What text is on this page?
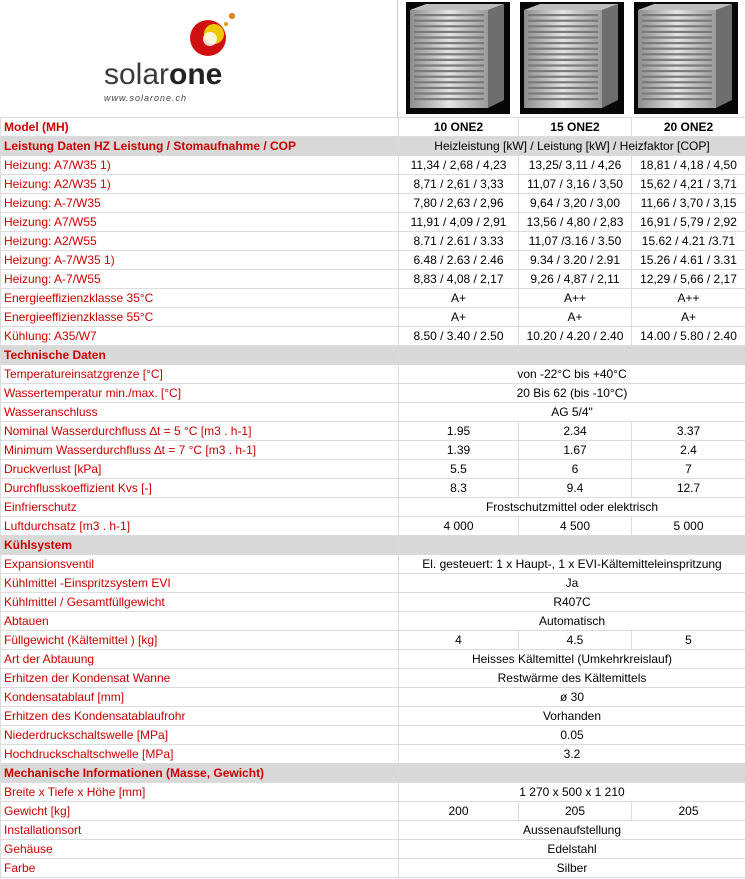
solarone
www.solarone.ch
Model (MH)	10 ONE2	15 ONE2	20 ONE2
Leistung Daten HZ Leistung / Stomaufnahme / COP	Heizleistung [kW] / Leistung [kW] / Heizfaktor [COP]		
Heizung: A7/W35 1)	11,34 / 2,68 / 4,23	13,25/ 3,11 / 4,26	18,81 / 4,18 / 4,50
Heizung: A2/W35 1)	8,71 / 2,61 / 3,33	11,07 / 3,16 / 3,50	15,62 / 4,21 / 3,71
Heizung: A-7/W35	7,80 / 2,63 / 2,96	9,64 / 3,20 / 3,00	11,66 / 3,70 / 3,15
Heizung: A7/W55	11,91 / 4,09 / 2,91	13,56 / 4,80 / 2,83	16,91 / 5,79 / 2,92
Heizung: A2/W55	8.71 / 2.61 / 3.33	11,07 /3.16 / 3.50	15.62 / 4.21 /3.71
Heizung: A-7/W35 1)	6.48 / 2.63 / 2.46	9.34 / 3.20 / 2.91	15.26 / 4.61 / 3.31
Heizung: A-7/W55	8,83 / 4,08 / 2,17	9,26 / 4,87 / 2,11	12,29 / 5,66 / 2,17
Energieeffizienzklasse 35°C	A+	A++	A++
Energieeffizienzklasse 55°C	A+	A+	A+
Kühlung: A35/W7	8.50 / 3.40 / 2.50	10.20 / 4.20 / 2.40	14.00 / 5.80 / 2.40
Technische Daten			
Temperatureinsatzgrenze [°C]	von -22°C bis +40°C		
Wassertemperatur min./max. [°C]	20 Bis 62 (bis -10°C)		
Wasseranschluss	AG 5/4"		
Nominal Wasserdurchfluss ∆t = 5 °C [m3 . h-1]	1.95	2.34	3.37
Minimum Wasserdurchfluss ∆t = 7 °C [m3 . h-1]	1.39	1.67	2.4
Druckverlust [kPa]	5.5	6	7
Durchflusskoeffizient Kvs [-]	8.3	9.4	12.7
Einfrierschutz	Frostschutzmittel oder elektrisch		
Luftdurchsatz [m3 . h-1]	4 000	4 500	5 000
Kühlsystem			
Expansionsventil	El. gesteuert: 1 x Haupt-, 1 x EVI-Kältemitteleinspritzung		
Kühlmittel -Einspritzsystem EVI	Ja		
Kühlmittel / Gesamtfüllgewicht	R407C		
Abtauen	Automatisch		
Füllgewicht (Kältemittel ) [kg]	4	4.5	5
Art der Abtauung	Heisses Kältemittel (Umkehrkreislauf)		
Erhitzen der Kondensat Wanne	Restwärme des Kältemittels		
Kondensatablauf [mm]	ø 30		
Erhitzen des Kondensatablaufrohr	Vorhanden		
Niederdruckschaltswelle [MPa]	0.05		
Hochdruckschaltschwelle [MPa]	3.2		
Mechanische Informationen (Masse, Gewicht)			
Breite x Tiefe x Höhe [mm]	1 270 x 500 x 1 210		
Gewicht [kg]	200	205	205
Installationsort	Aussenaufstellung		
Gehäuse	Edelstahl		
Farbe	Silber		
